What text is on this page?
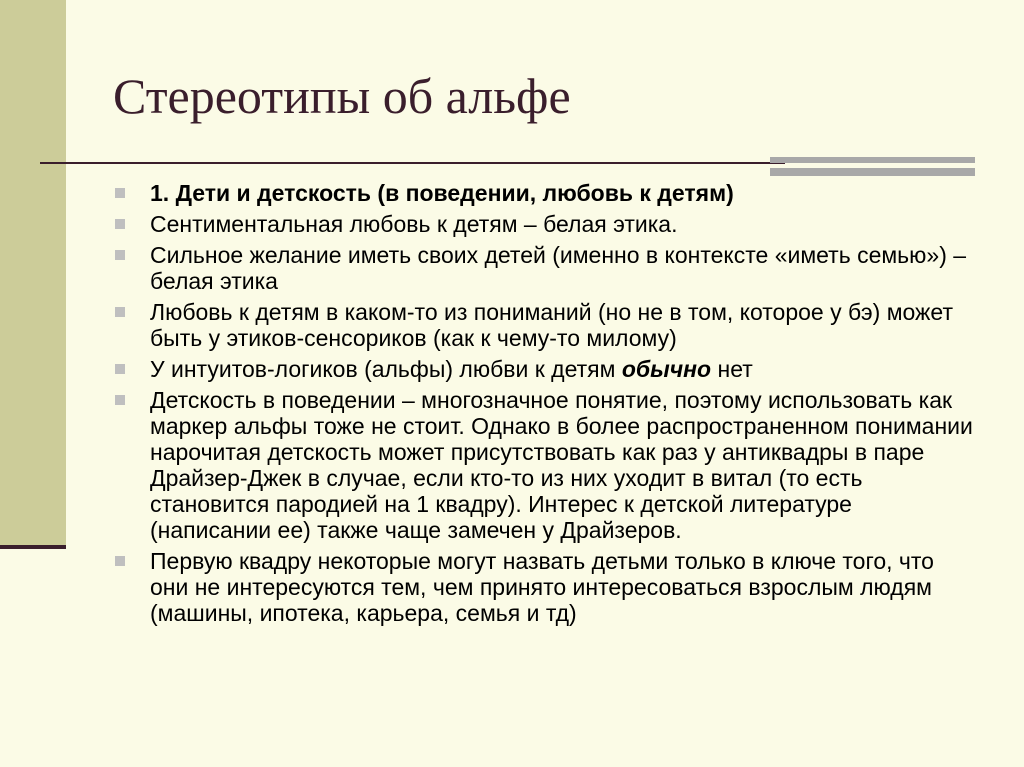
Стереотипы об альфе
1. Дети и детскость (в поведении, любовь к детям)
Сентиментальная любовь к детям – белая этика.
Сильное желание иметь своих детей (именно в контексте «иметь семью») – белая этика
Любовь к детям в каком-то из пониманий (но не в том, которое у бэ) может быть у этиков-сенсориков (как к чему-то милому)
У интуитов-логиков (альфы) любви к детям обычно нет
Детскость в поведении – многозначное понятие, поэтому использовать как маркер альфы тоже не стоит. Однако в более распространенном понимании нарочитая детскость может присутствовать как раз у антиквадры в паре Драйзер-Джек в случае, если кто-то из них уходит в витал (то есть становится пародией на 1 квадру). Интерес к детской литературе (написании ее) также чаще замечен у Драйзеров.
Первую квадру некоторые могут назвать детьми только в ключе того, что они не интересуются тем, чем принято интересоваться взрослым людям (машины, ипотека, карьера, семья и тд)
